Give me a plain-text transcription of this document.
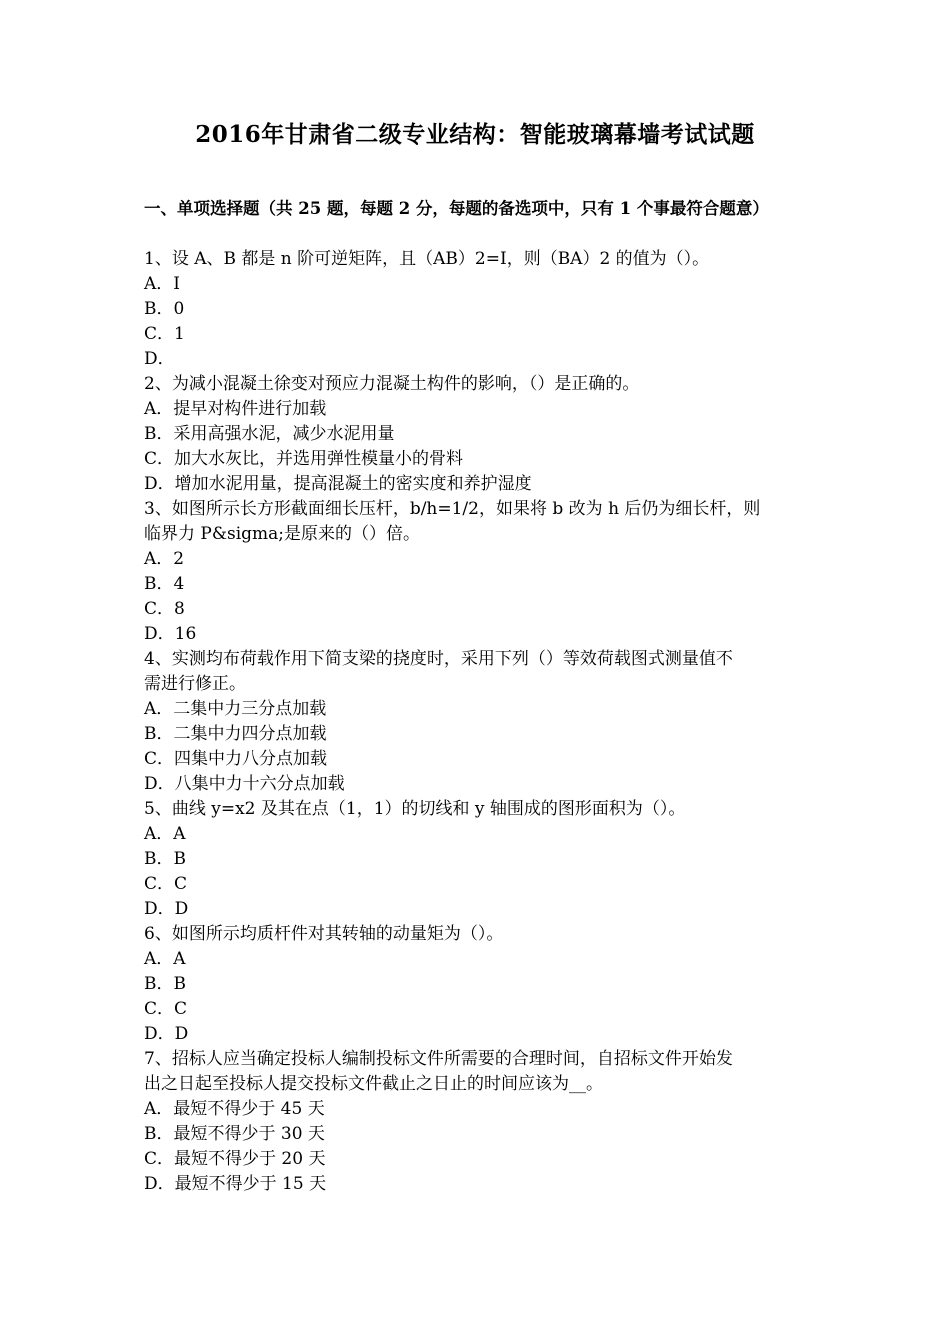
2016年甘肃省二级专业结构：智能玻璃幕墙考试试题
一、单项选择题（共 25 题，每题 2 分，每题的备选项中，只有 1 个事最符合题意）
1、设 A、B 都是 n 阶可逆矩阵，且（AB）2=I，则（BA）2 的值为（）。
A．I
B．0
C．1
D．
2、为减小混凝土徐变对预应力混凝土构件的影响，（）是正确的。
A．提早对构件进行加载
B．采用高强水泥，减少水泥用量
C．加大水灰比，并选用弹性模量小的骨料
D．增加水泥用量，提高混凝土的密实度和养护湿度
3、如图所示长方形截面细长压杆，b/h=1/2，如果将 b 改为 h 后仍为细长杆，则
临界力 P&sigma;是原来的（）倍。
A．2
B．4
C．8
D．16
4、实测均布荷载作用下简支梁的挠度时，采用下列（）等效荷载图式测量值不
需进行修正。
A．二集中力三分点加载
B．二集中力四分点加载
C．四集中力八分点加载
D．八集中力十六分点加载
5、曲线 y=x2 及其在点（1，1）的切线和 y 轴围成的图形面积为（）。
A．A
B．B
C．C
D．D
6、如图所示均质杆件对其转轴的动量矩为（）。
A．A
B．B
C．C
D．D
7、招标人应当确定投标人编制投标文件所需要的合理时间，自招标文件开始发
出之日起至投标人提交投标文件截止之日止的时间应该为__。
A．最短不得少于 45 天
B．最短不得少于 30 天
C．最短不得少于 20 天
D．最短不得少于 15 天
